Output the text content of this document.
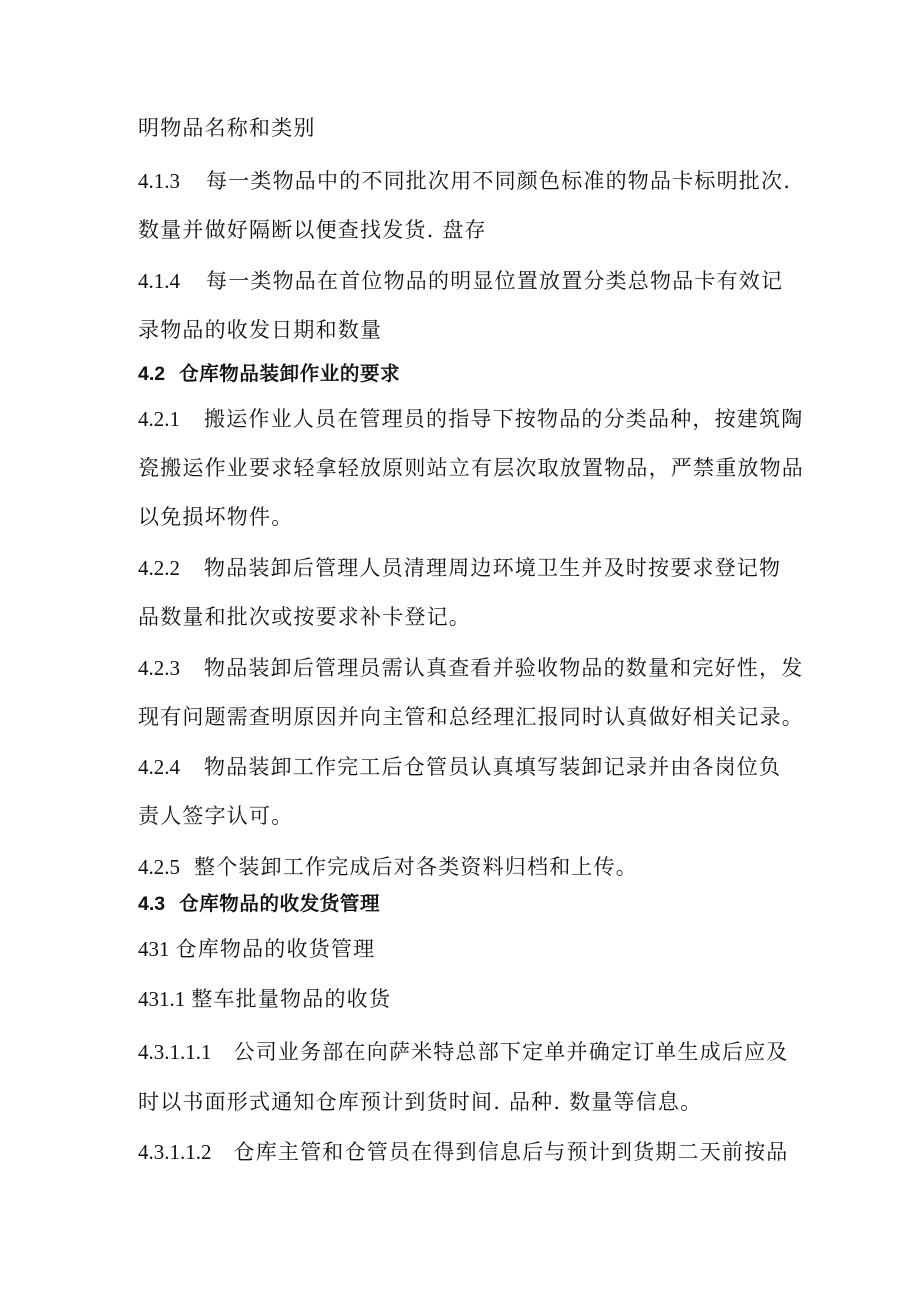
明物品名称和类别
4.1.3 每一类物品中的不同批次用不同颜色标准的物品卡标明批次.
数量并做好隔断以便查找发货. 盘存
4.1.4 每一类物品在首位物品的明显位置放置分类总物品卡有效记
录物品的收发日期和数量
4.2 仓库物品装卸作业的要求
4.2.1 搬运作业人员在管理员的指导下按物品的分类品种，按建筑陶
瓷搬运作业要求轻拿轻放原则站立有层次取放置物品，严禁重放物品
以免损坏物件。
4.2.2 物品装卸后管理人员清理周边环境卫生并及时按要求登记物
品数量和批次或按要求补卡登记。
4.2.3 物品装卸后管理员需认真查看并验收物品的数量和完好性，发
现有问题需查明原因并向主管和总经理汇报同时认真做好相关记录。
4.2.4 物品装卸工作完工后仓管员认真填写装卸记录并由各岗位负
责人签字认可。
4.2.5 整个装卸工作完成后对各类资料归档和上传。
4.3 仓库物品的收发货管理
431 仓库物品的收货管理
431.1 整车批量物品的收货
4.3.1.1.1 公司业务部在向萨米特总部下定单并确定订单生成后应及
时以书面形式通知仓库预计到货时间. 品种. 数量等信息。
4.3.1.1.2 仓库主管和仓管员在得到信息后与预计到货期二天前按品
